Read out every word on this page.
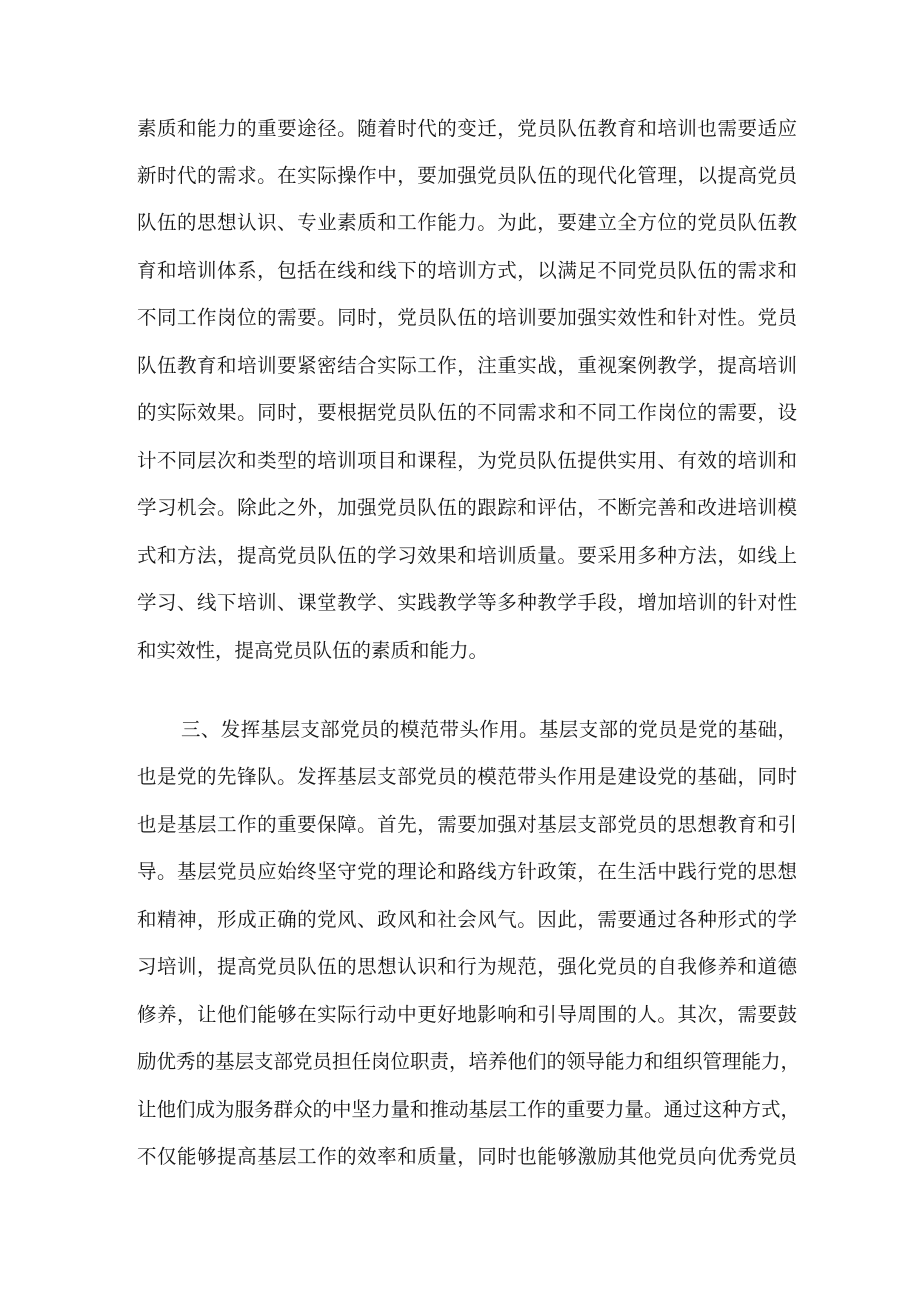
素质和能力的重要途径。随着时代的变迁，党员队伍教育和培训也需要适应
新时代的需求。在实际操作中，要加强党员队伍的现代化管理，以提高党员
队伍的思想认识、专业素质和工作能力。为此，要建立全方位的党员队伍教
育和培训体系，包括在线和线下的培训方式，以满足不同党员队伍的需求和
不同工作岗位的需要。同时，党员队伍的培训要加强实效性和针对性。党员
队伍教育和培训要紧密结合实际工作，注重实战，重视案例教学，提高培训
的实际效果。同时，要根据党员队伍的不同需求和不同工作岗位的需要，设
计不同层次和类型的培训项目和课程，为党员队伍提供实用、有效的培训和
学习机会。除此之外，加强党员队伍的跟踪和评估，不断完善和改进培训模
式和方法，提高党员队伍的学习效果和培训质量。要采用多种方法，如线上
学习、线下培训、课堂教学、实践教学等多种教学手段，增加培训的针对性
和实效性，提高党员队伍的素质和能力。
三、发挥基层支部党员的模范带头作用。基层支部的党员是党的基础，
也是党的先锋队。发挥基层支部党员的模范带头作用是建设党的基础，同时
也是基层工作的重要保障。首先，需要加强对基层支部党员的思想教育和引
导。基层党员应始终坚守党的理论和路线方针政策，在生活中践行党的思想
和精神，形成正确的党风、政风和社会风气。因此，需要通过各种形式的学
习培训，提高党员队伍的思想认识和行为规范，强化党员的自我修养和道德
修养，让他们能够在实际行动中更好地影响和引导周围的人。其次，需要鼓
励优秀的基层支部党员担任岗位职责，培养他们的领导能力和组织管理能力，
让他们成为服务群众的中坚力量和推动基层工作的重要力量。通过这种方式，
不仅能够提高基层工作的效率和质量，同时也能够激励其他党员向优秀党员
